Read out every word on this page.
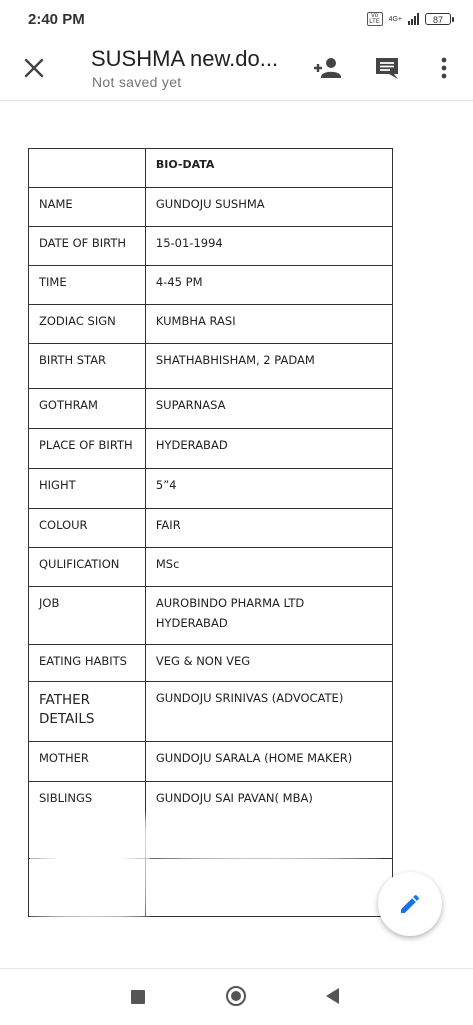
2:40 PM	Vo LTE	4G+	87
SUSHMA new.do...
Not saved yet
	BIO-DATA
NAME	GUNDOJU SUSHMA
DATE OF BIRTH	15-01-1994
TIME	4-45 PM
ZODIAC SIGN	KUMBHA RASI
BIRTH STAR	SHATHABHISHAM, 2 PADAM
GOTHRAM	SUPARNASA
PLACE OF BIRTH	HYDERABAD
HIGHT	5”4
COLOUR	FAIR
QULIFICATION	MSc
JOB	AUROBINDO PHARMA LTD
HYDERABAD

EATING HABITS	VEG & NON VEG

FATHER
DETAILS	GUNDOJU SRINIVAS (ADVOCATE)
MOTHER	GUNDOJU SARALA (HOME MAKER)
SIBLINGS	GUNDOJU SAI PAVAN( MBA)
